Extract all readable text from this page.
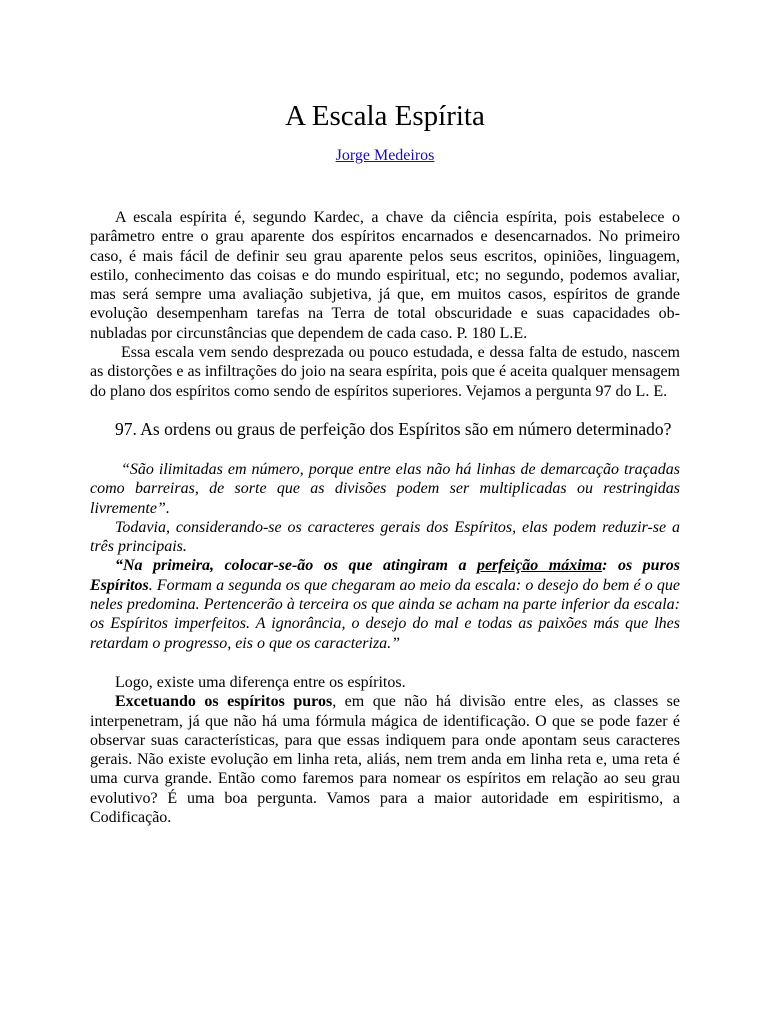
A Escala Espírita
Jorge Medeiros

A escala espírita é, segundo Kardec, a chave da ciência espírita, pois estabelece o parâmetro entre o grau aparente dos espíritos encarnados e desencarnados. No primeiro caso, é mais fácil de definir seu grau aparente pelos seus escritos, opiniões, linguagem, estilo, conhecimento das coisas e do mundo espiritual, etc; no segundo, podemos avaliar, mas será sempre uma avaliação subjetiva, já que, em muitos casos, espíritos de grande evolução desempenham tarefas na Terra de total obscuridade e suas capacidades ob-nubladas por circunstâncias que dependem de cada caso. P. 180 L.E.

Essa escala vem sendo desprezada ou pouco estudada, e dessa falta de estudo, nascem as distorções e as infiltrações do joio na seara espírita, pois que é aceita qualquer mensagem do plano dos espíritos como sendo de espíritos superiores. Vejamos a pergunta 97 do L. E.

97. As ordens ou graus de perfeição dos Espíritos são em número determinado?

“São ilimitadas em número, porque entre elas não há linhas de demarcação traçadas como barreiras, de sorte que as divisões podem ser multiplicadas ou restringidas livremente”.

Todavia, considerando-se os caracteres gerais dos Espíritos, elas podem reduzir-se a três principais.

“Na primeira, colocar-se-ão os que atingiram a perfeição máxima: os puros Espíritos. Formam a segunda os que chegaram ao meio da escala: o desejo do bem é o que neles predomina. Pertencerão à terceira os que ainda se acham na parte inferior da escala: os Espíritos imperfeitos. A ignorância, o desejo do mal e todas as paixões más que lhes retardam o progresso, eis o que os caracteriza.”

Logo, existe uma diferença entre os espíritos.

Excetuando os espíritos puros, em que não há divisão entre eles, as classes se interpenetram, já que não há uma fórmula mágica de identificação. O que se pode fazer é observar suas características, para que essas indiquem para onde apontam seus caracteres gerais. Não existe evolução em linha reta, aliás, nem trem anda em linha reta e, uma reta é uma curva grande. Então como faremos para nomear os espíritos em relação ao seu grau evolutivo? É uma boa pergunta. Vamos para a maior autoridade em espiritismo, a Codificação.
